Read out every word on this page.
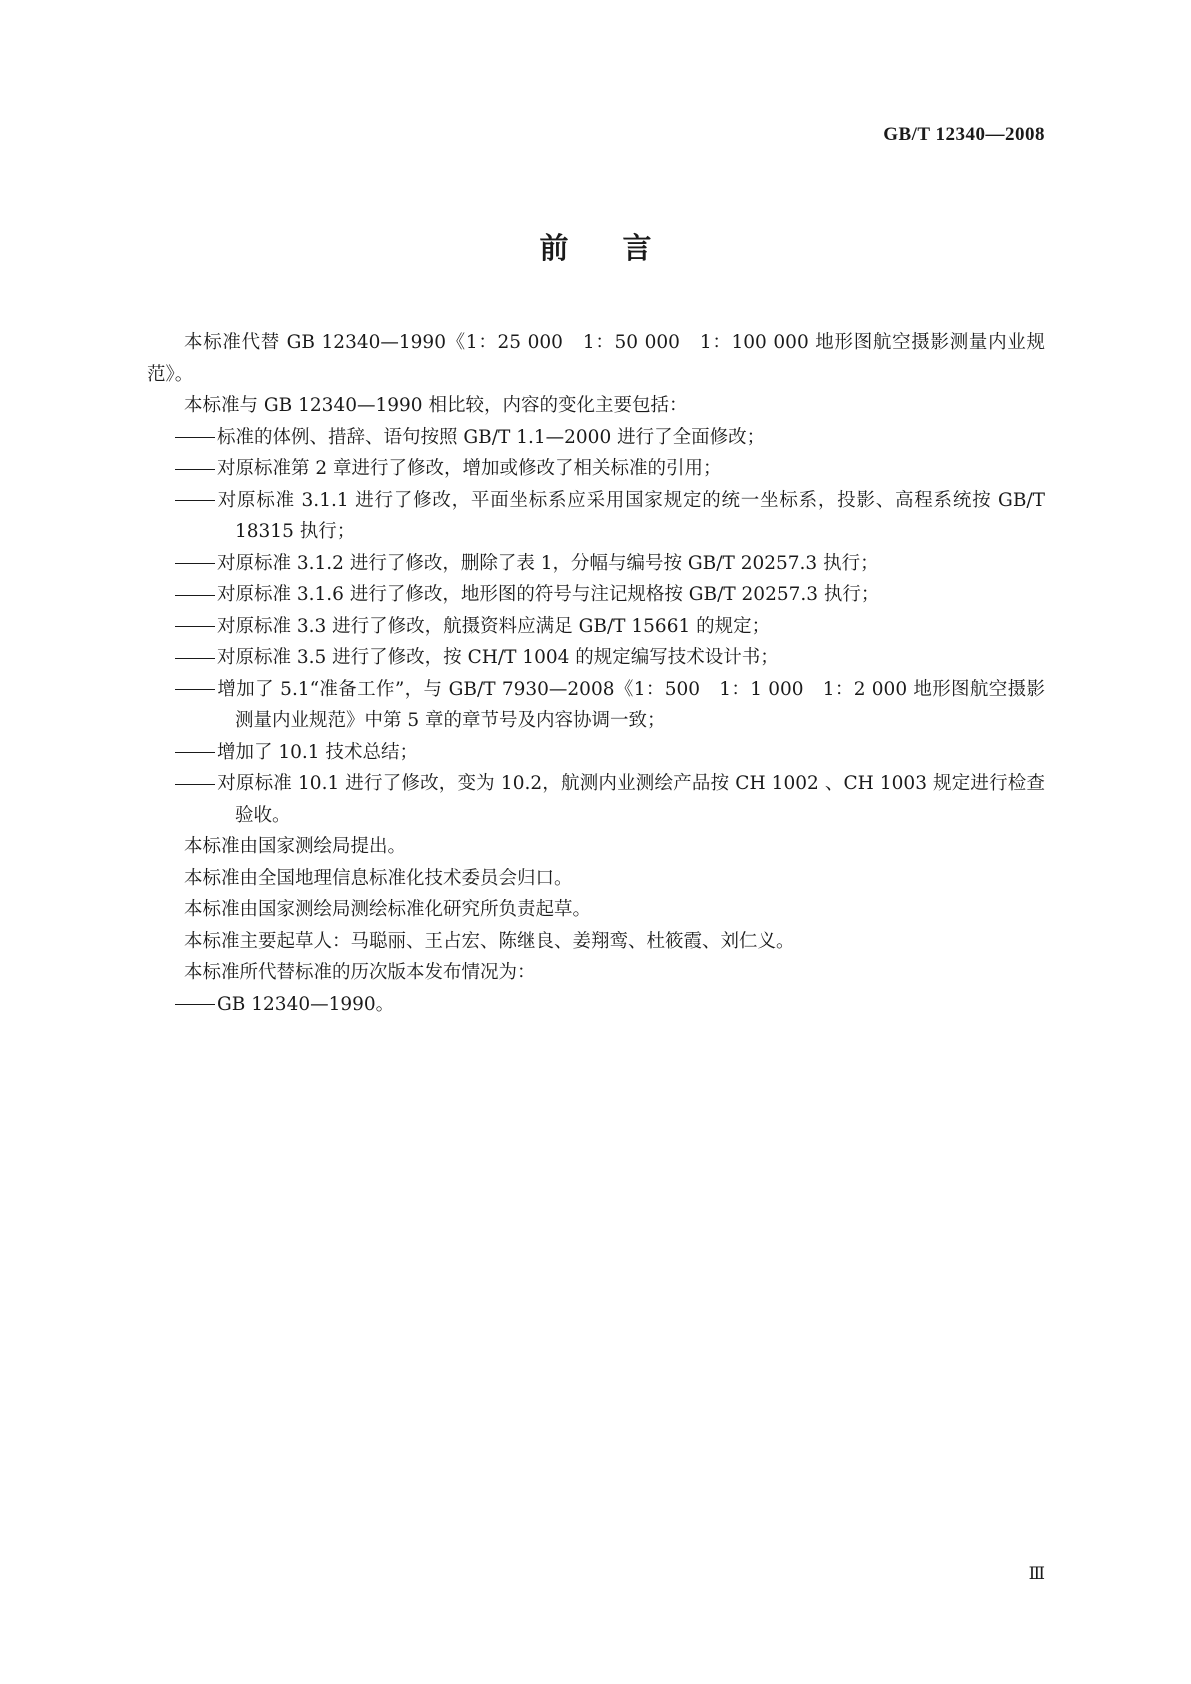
GB/T 12340—2008
前言

本标准代替 GB 12340—1990《1：25 000　1：50 000　1：100 000 地形图航空摄影测量内业规范》。

本标准与 GB 12340—1990 相比较，内容的变化主要包括：

标准的体例、措辞、语句按照 GB/T 1.1—2000 进行了全面修改；

对原标准第 2 章进行了修改，增加或修改了相关标准的引用；

对原标准 3.1.1 进行了修改，平面坐标系应采用国家规定的统一坐标系，投影、高程系统按 GB/T 18315 执行；

对原标准 3.1.2 进行了修改，删除了表 1，分幅与编号按 GB/T 20257.3 执行；

对原标准 3.1.6 进行了修改，地形图的符号与注记规格按 GB/T 20257.3 执行；

对原标准 3.3 进行了修改，航摄资料应满足 GB/T 15661 的规定；

对原标准 3.5 进行了修改，按 CH/T 1004 的规定编写技术设计书；

增加了 5.1“准备工作”，与 GB/T 7930—2008《1：500　1：1 000　1：2 000 地形图航空摄影测量内业规范》中第 5 章的章节号及内容协调一致；

增加了 10.1 技术总结；

对原标准 10.1 进行了修改，变为 10.2，航测内业测绘产品按 CH 1002 、CH 1003 规定进行检查验收。

本标准由国家测绘局提出。

本标准由全国地理信息标准化技术委员会归口。

本标准由国家测绘局测绘标准化研究所负责起草。

本标准主要起草人：马聪丽、王占宏、陈继良、姜翔鸾、杜筱霞、刘仁义。

本标准所代替标准的历次版本发布情况为：

GB 12340—1990。

Ⅲ
